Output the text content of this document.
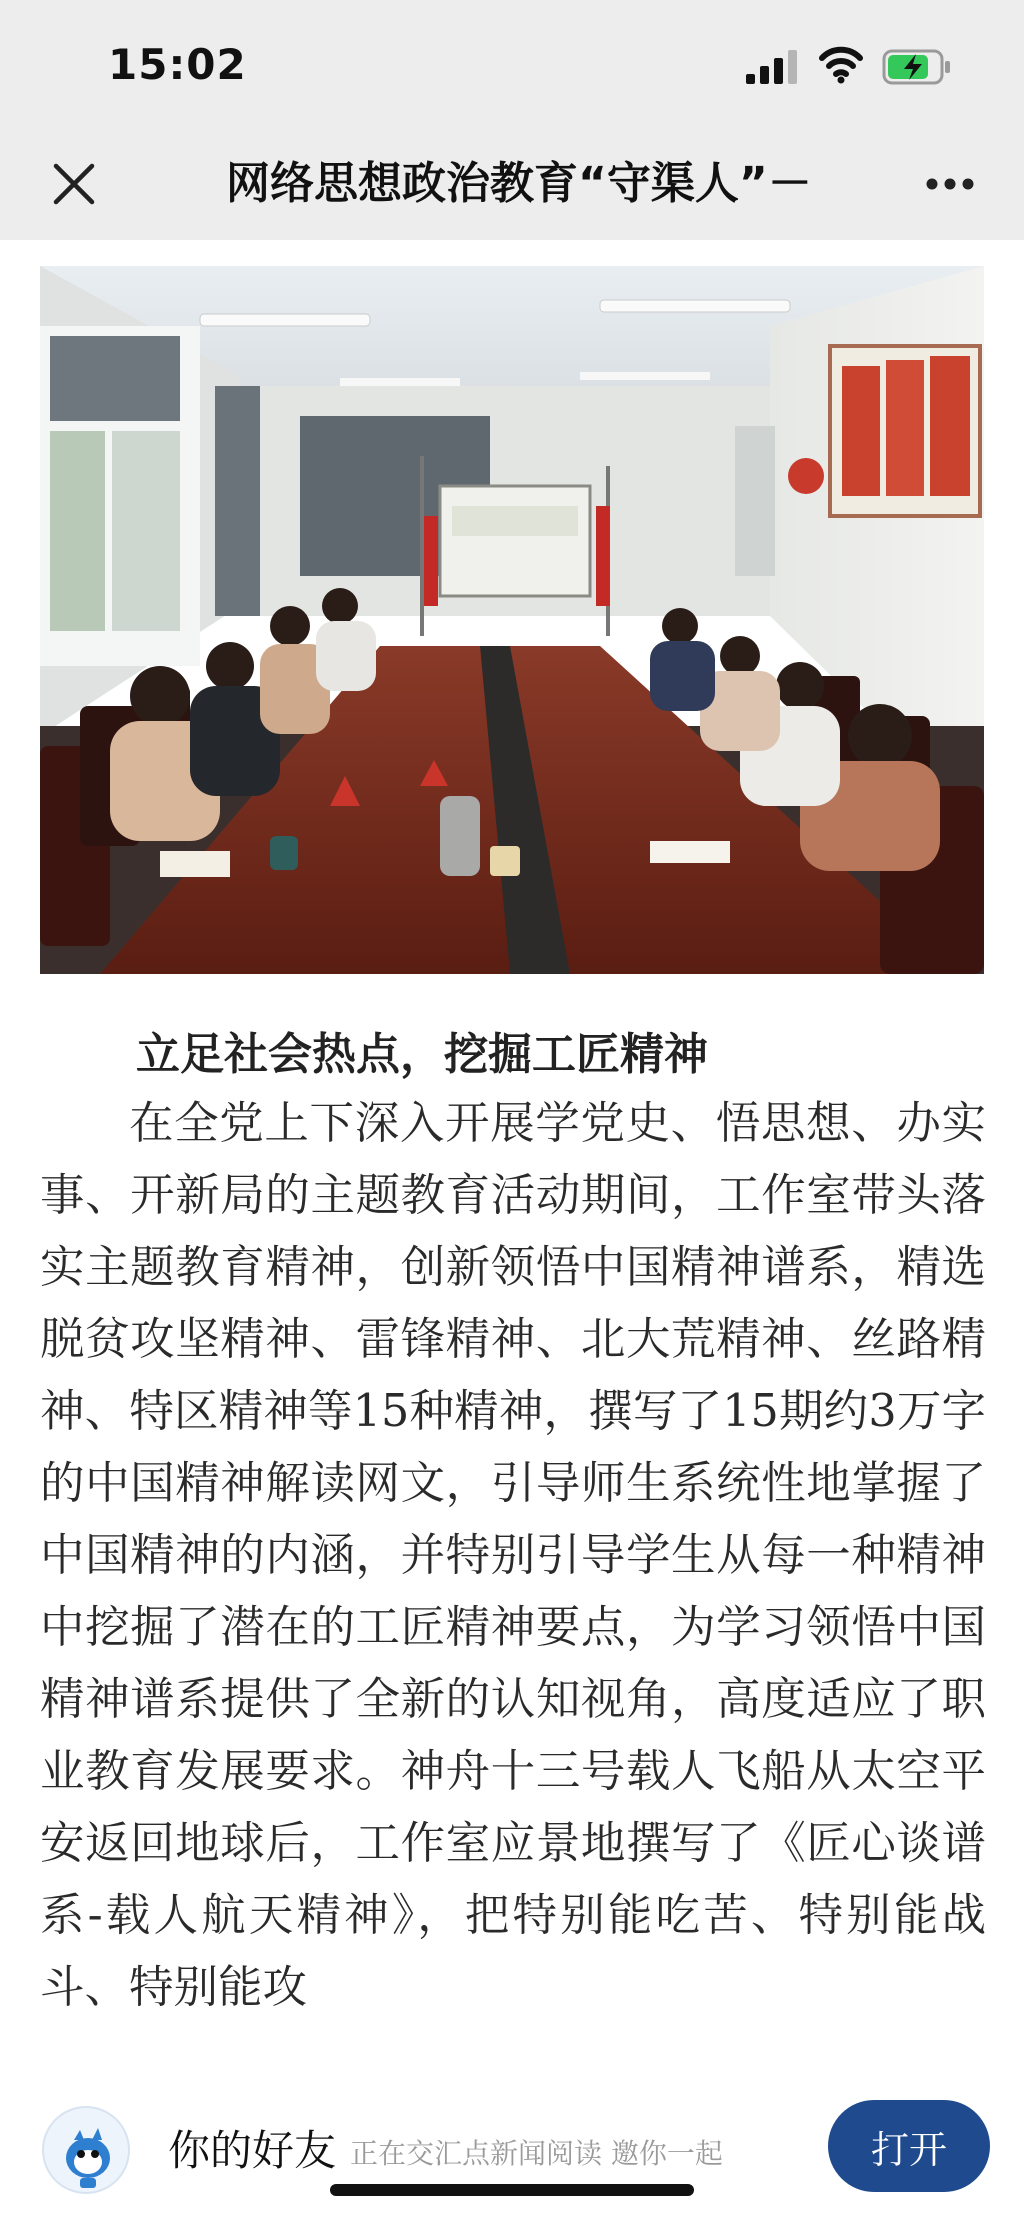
15:02
网络思想政治教育“守渠人”－
立足社会热点，挖掘工匠精神
在全党上下深入开展学党史、悟思想、办实事、开新局的主题教育活动期间，工作室带头落实主题教育精神，创新领悟中国精神谱系，精选脱贫攻坚精神、雷锋精神、北大荒精神、丝路精神、特区精神等15种精神，撰写了15期约3万字的中国精神解读网文，引导师生系统性地掌握了中国精神的内涵，并特别引导学生从每一种精神中挖掘了潜在的工匠精神要点，为学习领悟中国精神谱系提供了全新的认知视角，高度适应了职业教育发展要求。神舟十三号载人飞船从太空平安返回地球后，工作室应景地撰写了《匠心谈谱系-载人航天精神》，把特别能吃苦、特别能战斗、特别能攻
你的好友 正在交汇点新闻阅读 邀你一起	打开
